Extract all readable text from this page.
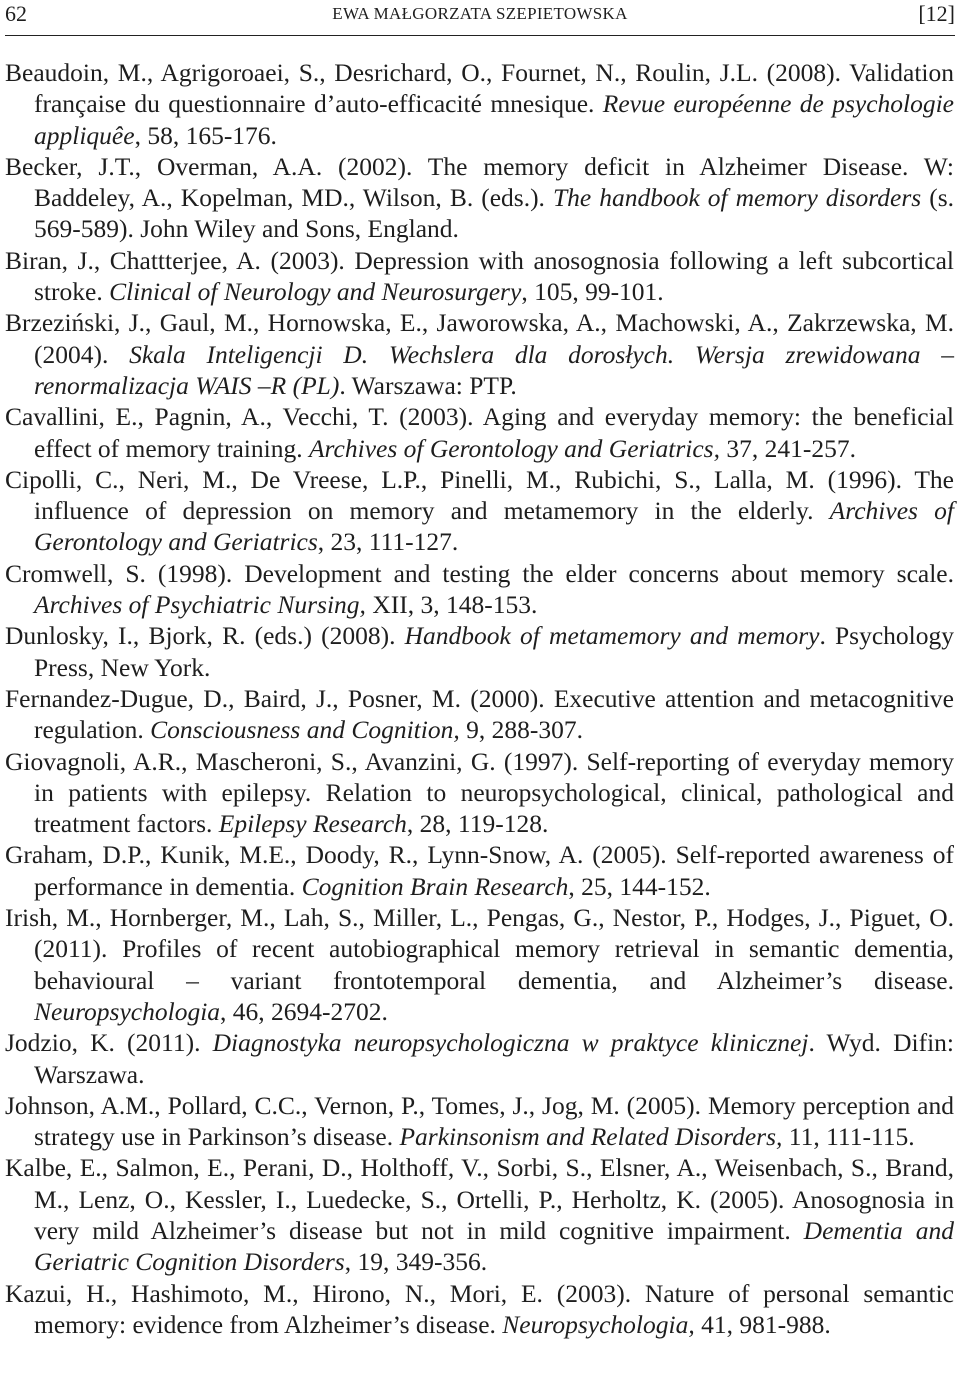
62	EWA MAŁGORZATA SZEPIETOWSKA	[12]
Beaudoin, M., Agrigoroaei, S., Desrichard, O., Fournet, N., Roulin, J.L. (2008). Validation française du questionnaire d’auto-efficacité mnesique. Revue européenne de psychologie appliquêe, 58, 165-176.
Becker, J.T., Overman, A.A. (2002). The memory deficit in Alzheimer Disease. W: Baddeley, A., Kopelman, MD., Wilson, B. (eds.). The handbook of memory disorders (s. 569-589). John Wiley and Sons, England.
Biran, J., Chattterjee, A. (2003). Depression with anosognosia following a left subcortical stroke. Clinical of Neurology and Neurosurgery, 105, 99-101.
Brzeziński, J., Gaul, M., Hornowska, E., Jaworowska, A., Machowski, A., Zakrzewska, M. (2004). Skala Inteligencji D. Wechslera dla dorosłych. Wersja zrewidowana – renormalizacja WAIS –R (PL). Warszawa: PTP.
Cavallini, E., Pagnin, A., Vecchi, T. (2003). Aging and everyday memory: the beneficial effect of memory training. Archives of Gerontology and Geriatrics, 37, 241-257.
Cipolli, C., Neri, M., De Vreese, L.P., Pinelli, M., Rubichi, S., Lalla, M. (1996). The influence of depression on memory and metamemory in the elderly. Archives of Gerontology and Geriatrics, 23, 111-127.
Cromwell, S. (1998). Development and testing the elder concerns about memory scale. Archives of Psychiatric Nursing, XII, 3, 148-153.
Dunlosky, I., Bjork, R. (eds.) (2008). Handbook of metamemory and memory. Psychology Press, New York.
Fernandez-Dugue, D., Baird, J., Posner, M. (2000). Executive attention and metacognitive regulation. Consciousness and Cognition, 9, 288-307.
Giovagnoli, A.R., Mascheroni, S., Avanzini, G. (1997). Self-reporting of everyday memory in patients with epilepsy. Relation to neuropsychological, clinical, pathological and treatment factors. Epilepsy Research, 28, 119-128.
Graham, D.P., Kunik, M.E., Doody, R., Lynn-Snow, A. (2005). Self-reported awareness of performance in dementia. Cognition Brain Research, 25, 144-152.
Irish, M., Hornberger, M., Lah, S., Miller, L., Pengas, G., Nestor, P., Hodges, J., Piguet, O. (2011). Profiles of recent autobiographical memory retrieval in semantic dementia, behavioural – variant frontotemporal dementia, and Alzheimer’s disease. Neuropsychologia, 46, 2694-2702.
Jodzio, K. (2011). Diagnostyka neuropsychologiczna w praktyce klinicznej. Wyd. Difin: Warszawa.
Johnson, A.M., Pollard, C.C., Vernon, P., Tomes, J., Jog, M. (2005). Memory perception and strategy use in Parkinson’s disease. Parkinsonism and Related Disorders, 11, 111-115.
Kalbe, E., Salmon, E., Perani, D., Holthoff, V., Sorbi, S., Elsner, A., Weisenbach, S., Brand, M., Lenz, O., Kessler, I., Luedecke, S., Ortelli, P., Herholtz, K. (2005). Anosognosia in very mild Alzheimer’s disease but not in mild cognitive impairment. Dementia and Geriatric Cognition Disorders, 19, 349-356.
Kazui, H., Hashimoto, M., Hirono, N., Mori, E. (2003). Nature of personal semantic memory: evidence from Alzheimer’s disease. Neuropsychologia, 41, 981-988.
